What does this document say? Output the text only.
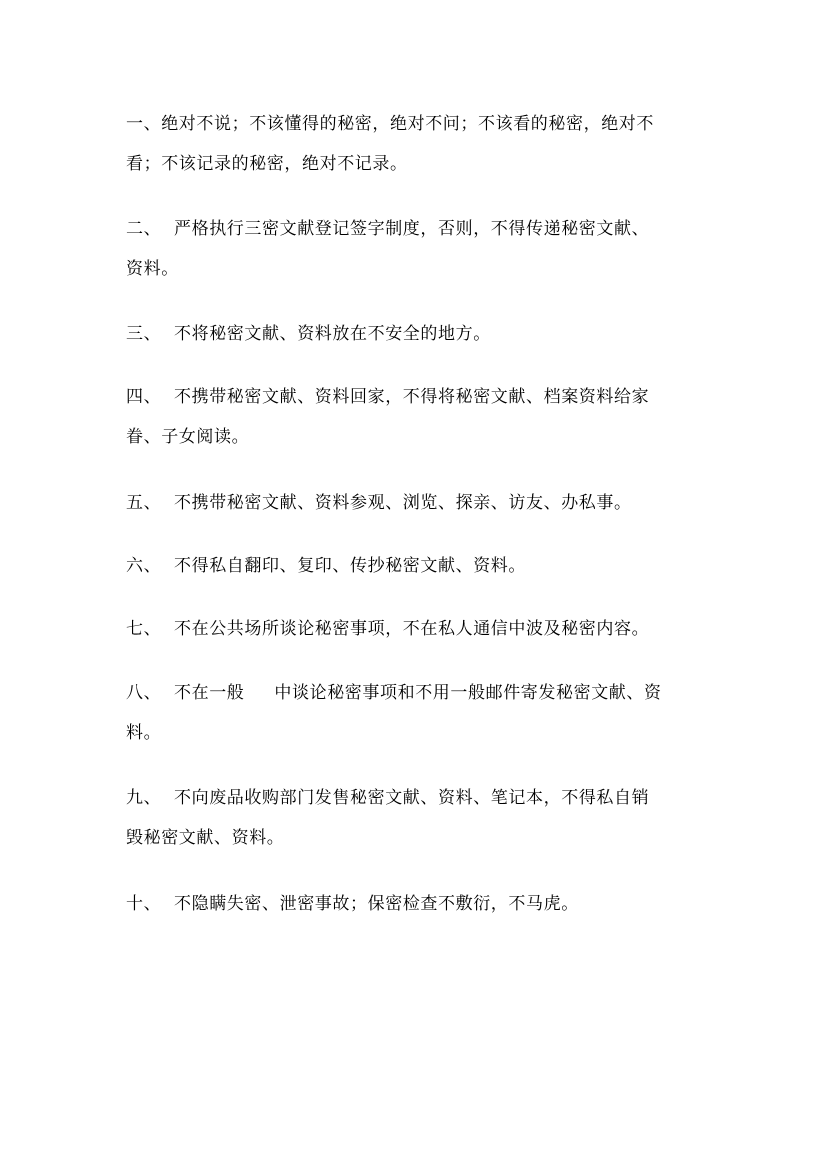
一、绝对不说；不该懂得的秘密，绝对不问；不该看的秘密，绝对不
看；不该记录的秘密，绝对不记录。
二、 严格执行三密文献登记签字制度，否则，不得传递秘密文献、
资料。
三、 不将秘密文献、资料放在不安全的地方。
四、 不携带秘密文献、资料回家，不得将秘密文献、档案资料给家
眷、子女阅读。
五、 不携带秘密文献、资料参观、浏览、探亲、访友、办私事。
六、 不得私自翻印、复印、传抄秘密文献、资料。
七、 不在公共场所谈论秘密事项，不在私人通信中波及秘密内容。
八、 不在一般 中谈论秘密事项和不用一般邮件寄发秘密文献、资
料。
九、 不向废品收购部门发售秘密文献、资料、笔记本，不得私自销
毁秘密文献、资料。
十、 不隐瞒失密、泄密事故；保密检查不敷衍，不马虎。
